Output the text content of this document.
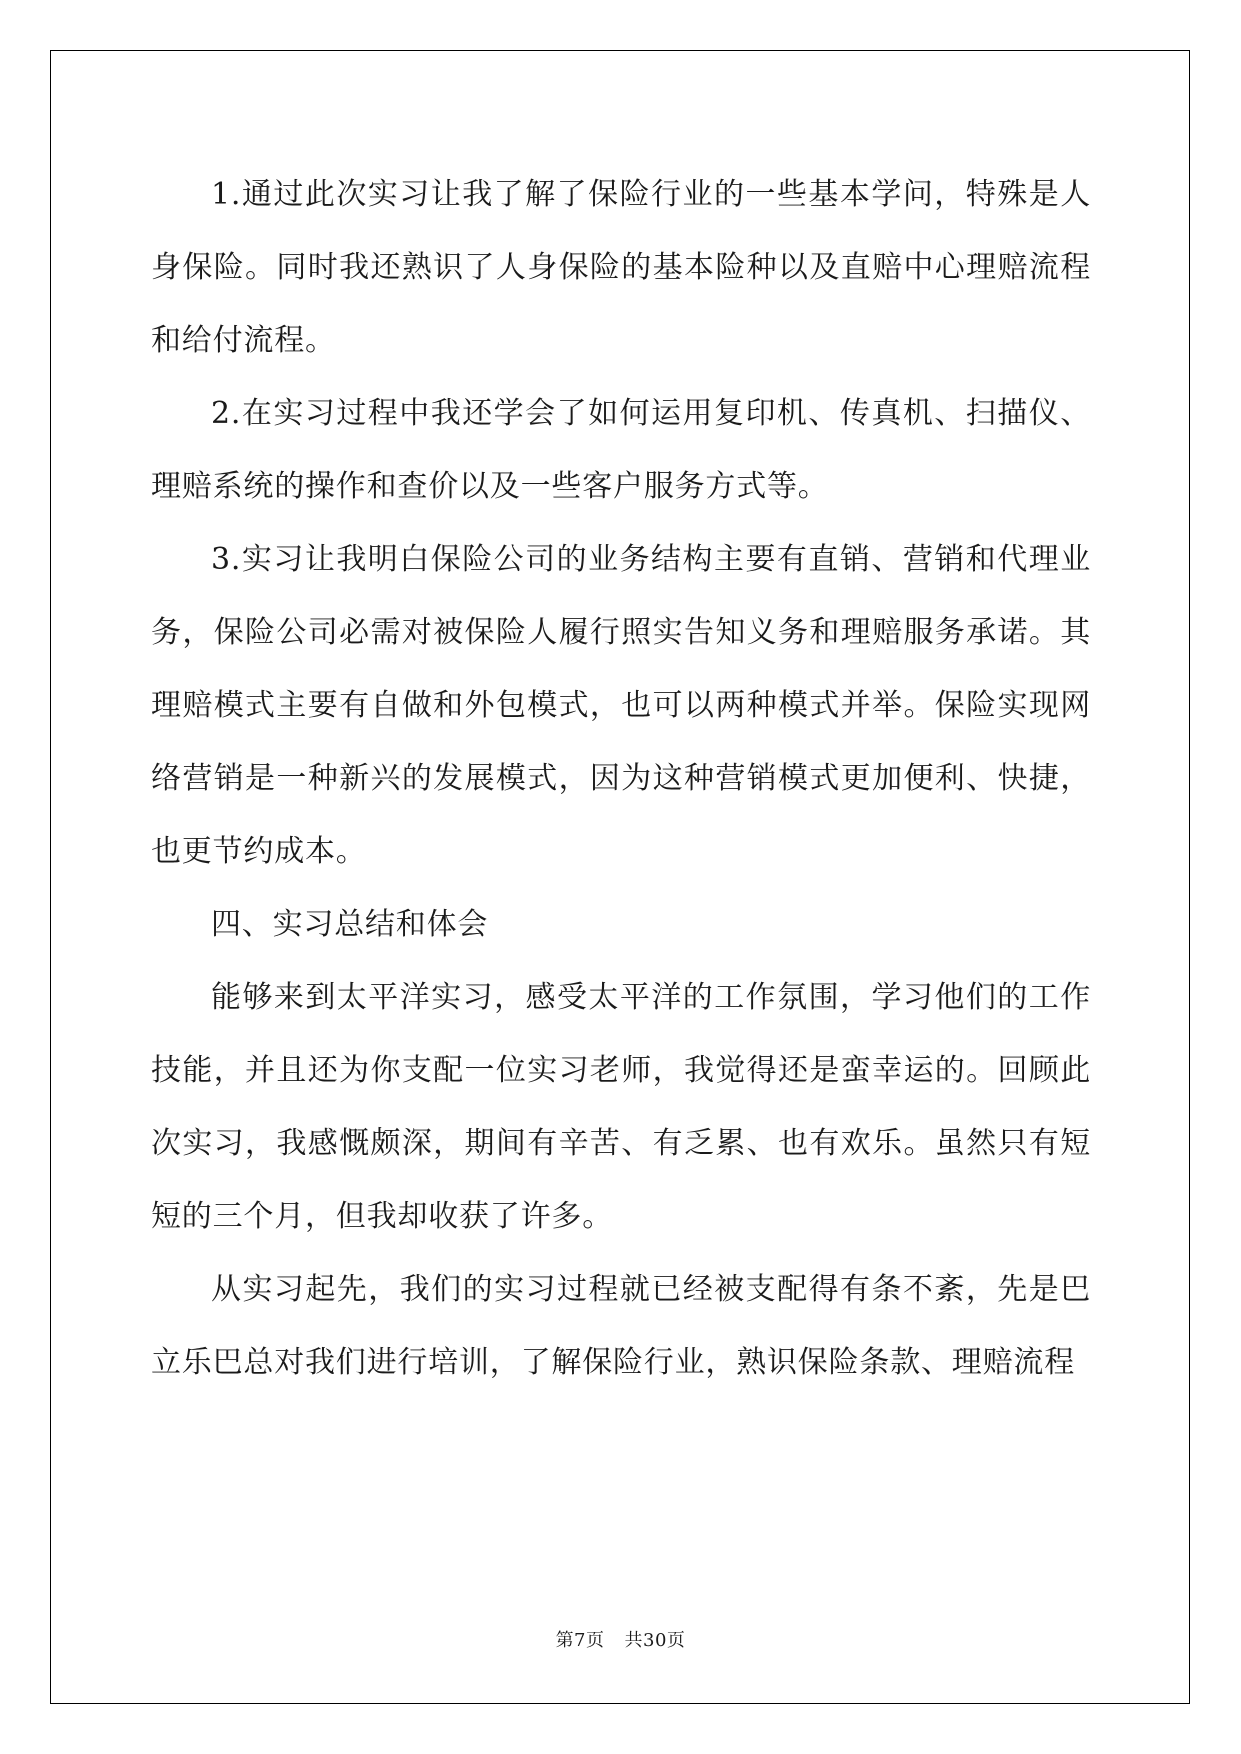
1.通过此次实习让我了解了保险行业的一些基本学问，特殊是人身保险。同时我还熟识了人身保险的基本险种以及直赔中心理赔流程和给付流程。

2.在实习过程中我还学会了如何运用复印机、传真机、扫描仪、理赔系统的操作和查价以及一些客户服务方式等。

3.实习让我明白保险公司的业务结构主要有直销、营销和代理业务，保险公司必需对被保险人履行照实告知义务和理赔服务承诺。其理赔模式主要有自做和外包模式，也可以两种模式并举。保险实现网络营销是一种新兴的发展模式，因为这种营销模式更加便利、快捷，也更节约成本。

四、实习总结和体会

能够来到太平洋实习，感受太平洋的工作氛围，学习他们的工作技能，并且还为你支配一位实习老师，我觉得还是蛮幸运的。回顾此次实习，我感慨颇深，期间有辛苦、有乏累、也有欢乐。虽然只有短短的三个月，但我却收获了许多。

从实习起先，我们的实习过程就已经被支配得有条不紊，先是巴立乐巴总对我们进行培训，了解保险行业，熟识保险条款、理赔流程

第7页 共30页
